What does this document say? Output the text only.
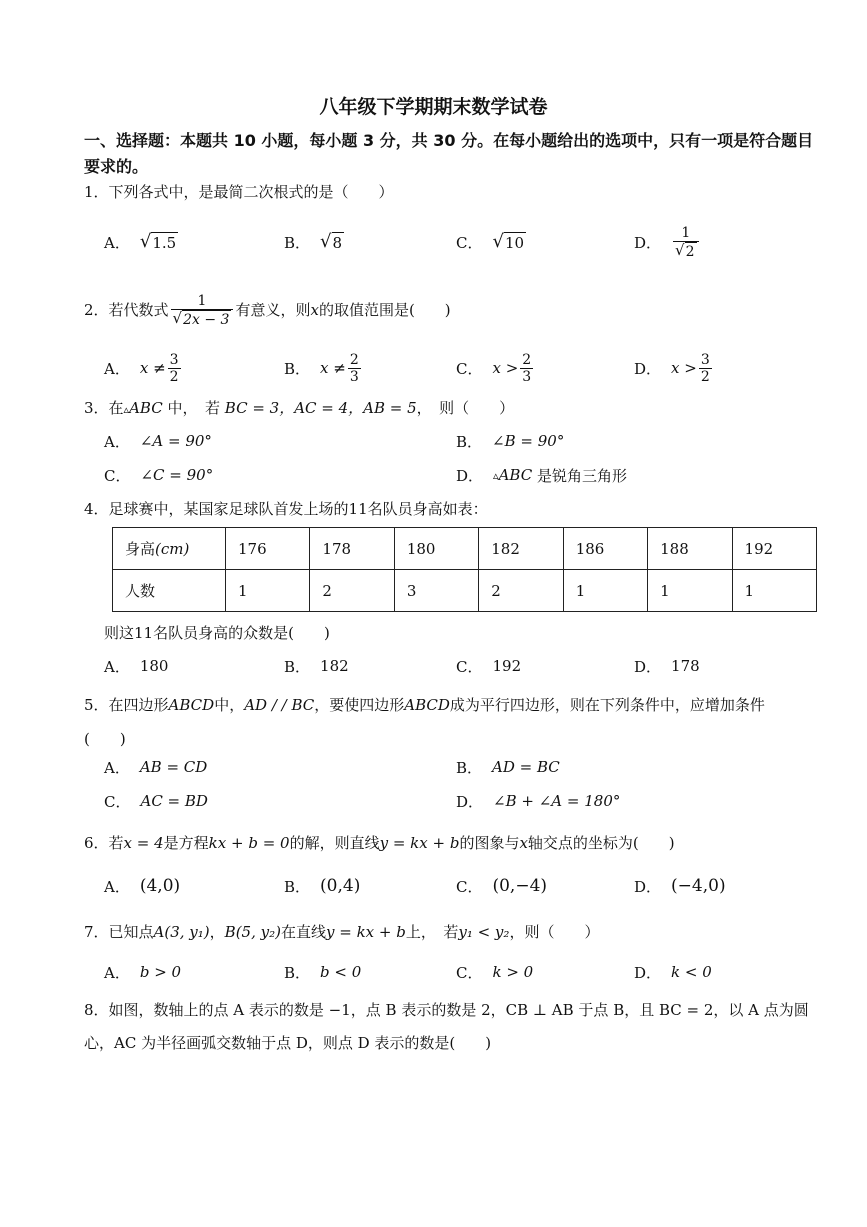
八年级下学期期末数学试卷
一、选择题：本题共 10 小题，每小题 3 分，共 30 分。在每小题给出的选项中，只有一项是符合题目要求的。
1．下列各式中，是最简二次根式的是（　　）
A． √ 1.5	B． √ 8	C． √ 10	D． $\frac{1}{√ 2}$
2．若代数式 $\frac{1}{√ 2x - 3}$ 有意义，则 x 的取值范围是(　　)
A． $x \ne \frac{3}{2}$	B． $x \ne \frac{2}{3}$	C． $x > \frac{2}{3}$	D． $x > \frac{3}{2}$
3．在▵ABC 中，　若 BC = 3，AC = 4，AB = 5，　则（　　）
A． ∠A = 90°	B． ∠B = 90°
C． ∠C = 90°	D． ▵ ABC
是锐角三角形
4．足球赛中，某国家足球队首发上场的11名队员身高如表：
身高(cm)	176	178	180	182	186	188	192
人数	1	2	3	2	1	1	1
则这11名队员身高的众数是(　　)
A． 180	B． 182	C． 192	D． 178
5．在四边形ABCD中，AD / / BC，要使四边形ABCD成为平行四边形，则在下列条件中，应增加条件
(　　)
A． AB = CD	B． AD = BC
C． AC = BD	D． ∠B + ∠A = 180°
6．若x = 4是方程kx + b = 0的解，则直线y = kx + b的图象与x轴交点的坐标为(　　)
A． (4,0)	B． (0,4)	C． (0,−4)	D． (−4,0)
7．已知点A(3, y₁)，B(5, y₂)在直线y = kx + b上，　若y₁ < y₂，则（　　）
A． b > 0	B． b < 0	C． k > 0	D． k < 0
8．如图，数轴上的点 A 表示的数是 −1，点 B 表示的数是 2，CB ⊥ AB 于点 B，且 BC = 2，以 A 点为圆
心，AC 为半径画弧交数轴于点 D，则点 D 表示的数是(　　)
